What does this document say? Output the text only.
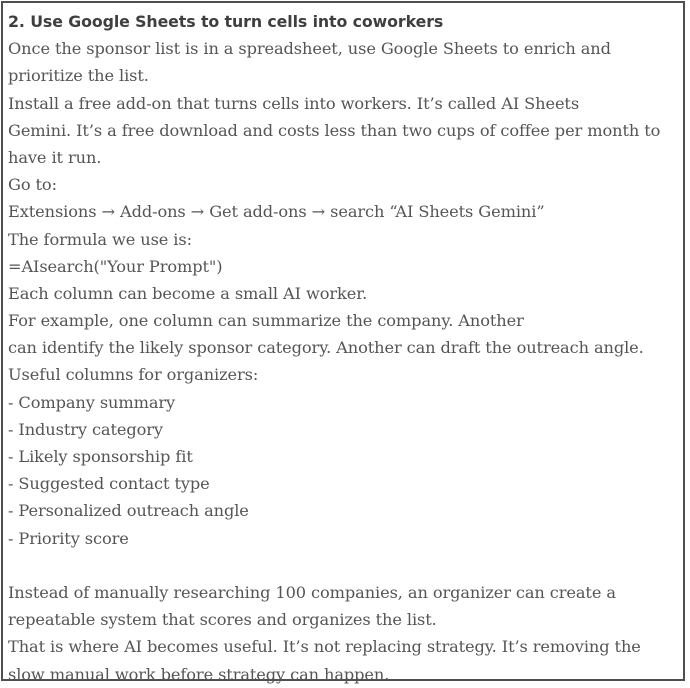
2. Use Google Sheets to turn cells into coworkers
Once the sponsor list is in a spreadsheet, use Google Sheets to enrich and
prioritize the list.
Install a free add-on that turns cells into workers. It’s called AI Sheets
Gemini. It’s a free download and costs less than two cups of coffee per month to
have it run.
Go to:
Extensions → Add-ons → Get add-ons → search “AI Sheets Gemini”
The formula we use is:
=AIsearch("Your Prompt")
Each column can become a small AI worker.
For example, one column can summarize the company. Another
can identify the likely sponsor category. Another can draft the outreach angle.
Useful columns for organizers:
- Company summary
- Industry category
- Likely sponsorship fit
- Suggested contact type
- Personalized outreach angle
- Priority score
Instead of manually researching 100 companies, an organizer can create a
repeatable system that scores and organizes the list.
That is where AI becomes useful. It’s not replacing strategy. It’s removing the
slow manual work before strategy can happen.
